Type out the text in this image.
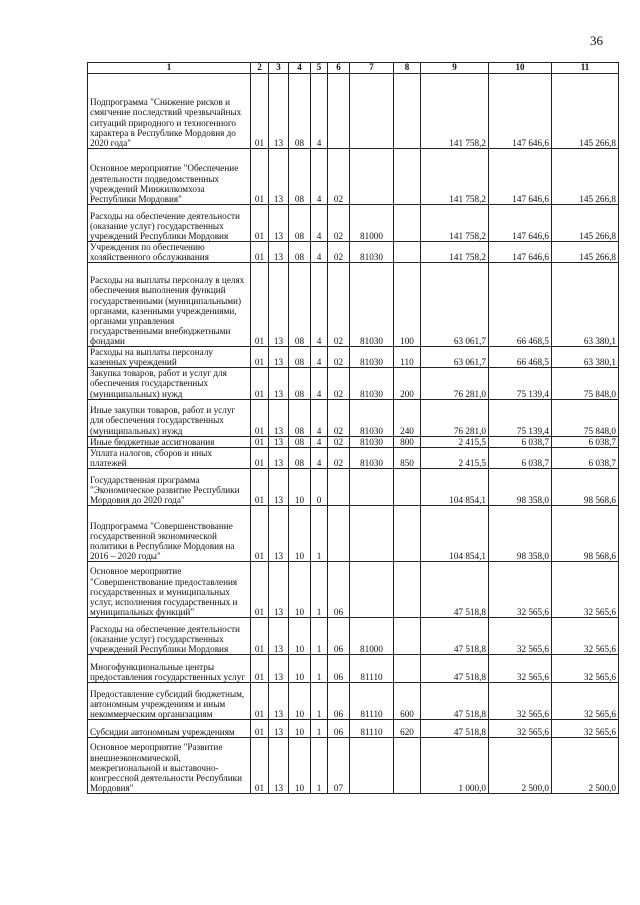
36
1	2	3	4	5	6	7	8	9	10	11
Подпрограмма "Снижение рисков и смягчение последствий чрезвычайных ситуаций природного и техногенного характера в Республике Мордовия до 2020 года"	01	13	08	4				141 758,2	147 646,6	145 266,8
Основное мероприятие "Обеспечение деятельности подведомственных учреждений Минжилкомхоза Республики Мордовия"	01	13	08	4	02			141 758,2	147 646,6	145 266,8
Расходы на обеспечение деятельности (оказание услуг) государственных учреждений Республики Мордовия	01	13	08	4	02	81000		141 758,2	147 646,6	145 266,8
Учреждения по обеспечению хозяйственного обслуживания	01	13	08	4	02	81030		141 758,2	147 646,6	145 266,8
Расходы на выплаты персоналу в целях обеспечения выполнения функций государственными (муниципальными) органами, казенными учреждениями, органами управления государственными внебюджетными фондами	01	13	08	4	02	81030	100	63 061,7	66 468,5	63 380,1
Расходы на выплаты персоналу казенных учреждений	01	13	08	4	02	81030	110	63 061,7	66 468,5	63 380,1
Закупка товаров, работ и услуг для обеспечения государственных (муниципальных) нужд	01	13	08	4	02	81030	200	76 281,0	75 139,4	75 848,0
Иные закупки товаров, работ и услуг для обеспечения государственных (муниципальных) нужд	01	13	08	4	02	81030	240	76 281,0	75 139,4	75 848,0
Иные бюджетные ассигнования	01	13	08	4	02	81030	800	2 415,5	6 038,7	6 038,7
Уплата налогов, сборов и иных платежей	01	13	08	4	02	81030	850	2 415,5	6 038,7	6 038,7
Государственная программа "Экономическое развитие Республики Мордовия до 2020 года"	01	13	10	0				104 854,1	98 358,0	98 568,6
Подпрограмма "Совершенствование государственной экономической политики в Республике Мордовия на 2016 – 2020 годы"	01	13	10	1				104 854,1	98 358,0	98 568,6
Основное мероприятие "Совершенствование предоставления государственных и муниципальных услуг, исполнения государственных и муниципальных функций"	01	13	10	1	06			47 518,8	32 565,6	32 565,6
Расходы на обеспечение деятельности (оказание услуг) государственных учреждений Республики Мордовия	01	13	10	1	06	81000		47 518,8	32 565,6	32 565,6
Многофункциональные центры предоставления государственных услуг	01	13	10	1	06	81110		47 518,8	32 565,6	32 565,6
Предоставление субсидий бюджетным, автономным учреждениям и иным некоммерческим организациям	01	13	10	1	06	81110	600	47 518,8	32 565,6	32 565,6
Субсидии автономным учреждениям	01	13	10	1	06	81110	620	47 518,8	32 565,6	32 565,6
Основное мероприятие "Развитие внешнеэкономической, межрегиональной и выставочно-конгрессной деятельности Республики Мордовия"	01	13	10	1	07			1 000,0	2 500,0	2 500,0
